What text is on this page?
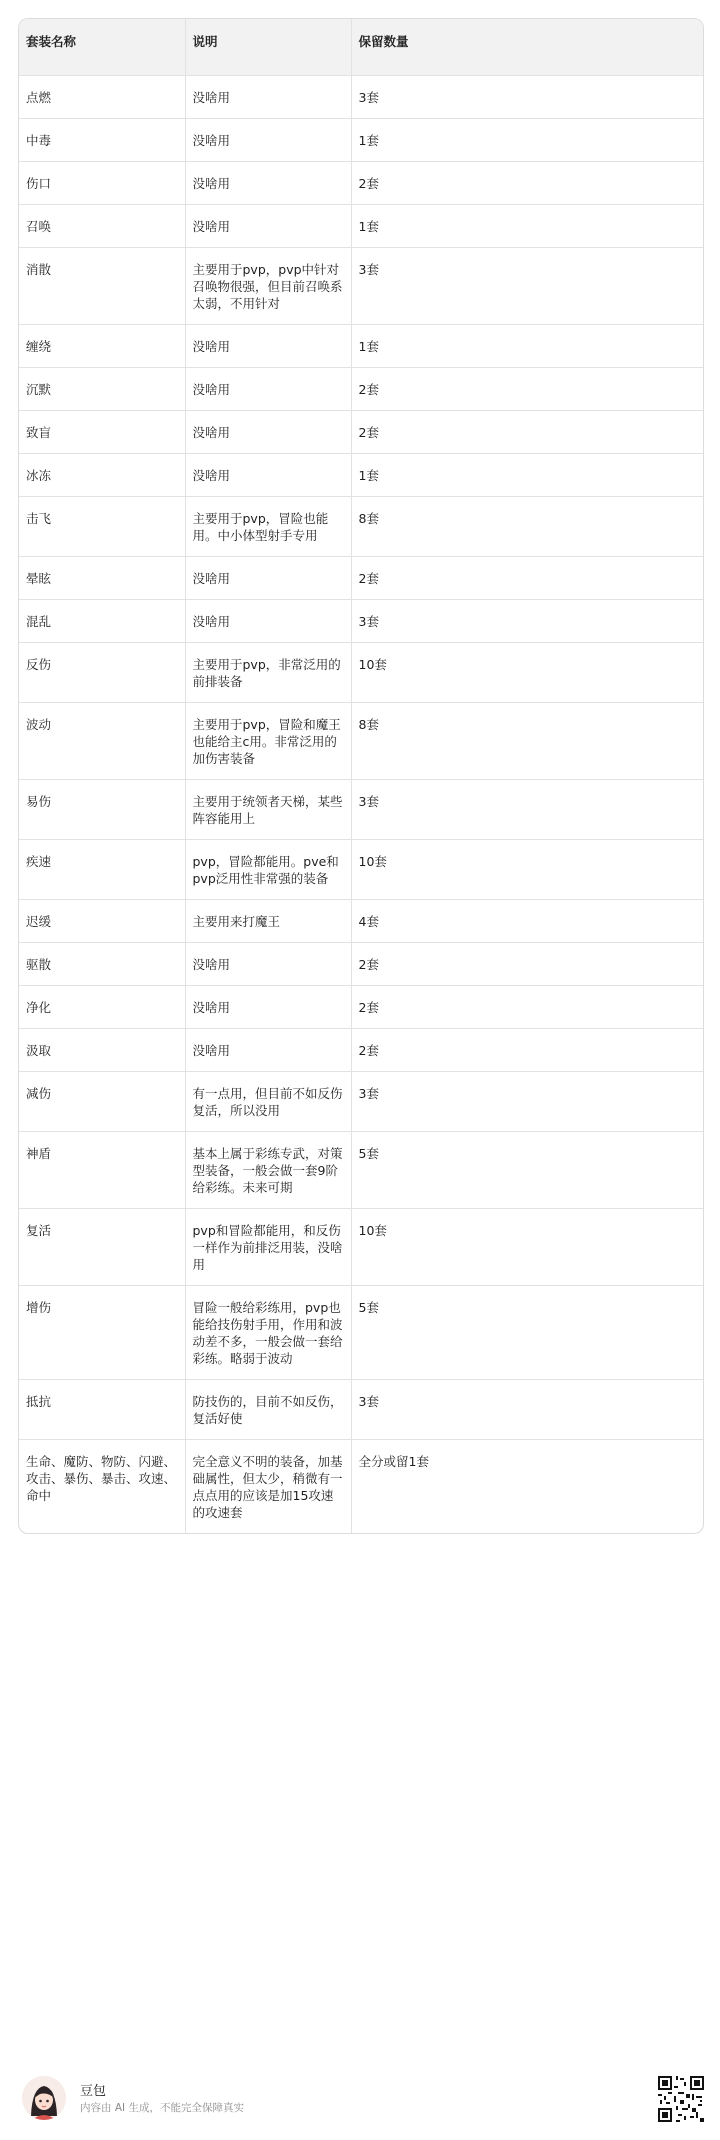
套装名称	说明	保留数量
点燃	没啥用	3套
中毒	没啥用	1套
伤口	没啥用	2套
召唤	没啥用	1套
消散	主要用于pvp，pvp中针对召唤物很强，但目前召唤系太弱，不用针对	3套
缠绕	没啥用	1套
沉默	没啥用	2套
致盲	没啥用	2套
冰冻	没啥用	1套
击飞	主要用于pvp，冒险也能用。中小体型射手专用	8套
晕眩	没啥用	2套
混乱	没啥用	3套
反伤	主要用于pvp，非常泛用的前排装备	10套
波动	主要用于pvp，冒险和魔王也能给主c用。非常泛用的加伤害装备	8套
易伤	主要用于统领者天梯，某些阵容能用上	3套
疾速	pvp，冒险都能用。pve和pvp泛用性非常强的装备	10套
迟缓	主要用来打魔王	4套
驱散	没啥用	2套
净化	没啥用	2套
汲取	没啥用	2套
减伤	有一点用，但目前不如反伤复活，所以没用	3套
神盾	基本上属于彩练专武，对策型装备，一般会做一套9阶给彩练。未来可期	5套
复活	pvp和冒险都能用，和反伤一样作为前排泛用装，没啥用	10套
增伤	冒险一般给彩练用，pvp也能给技伤射手用，作用和波动差不多，一般会做一套给彩练。略弱于波动	5套
抵抗	防技伤的，目前不如反伤，复活好使	3套
生命、魔防、物防、闪避、攻击、暴伤、暴击、攻速、命中	完全意义不明的装备，加基础属性，但太少，稍微有一点点用的应该是加15攻速的攻速套	全分或留1套
豆包
内容由 AI 生成，不能完全保障真实
